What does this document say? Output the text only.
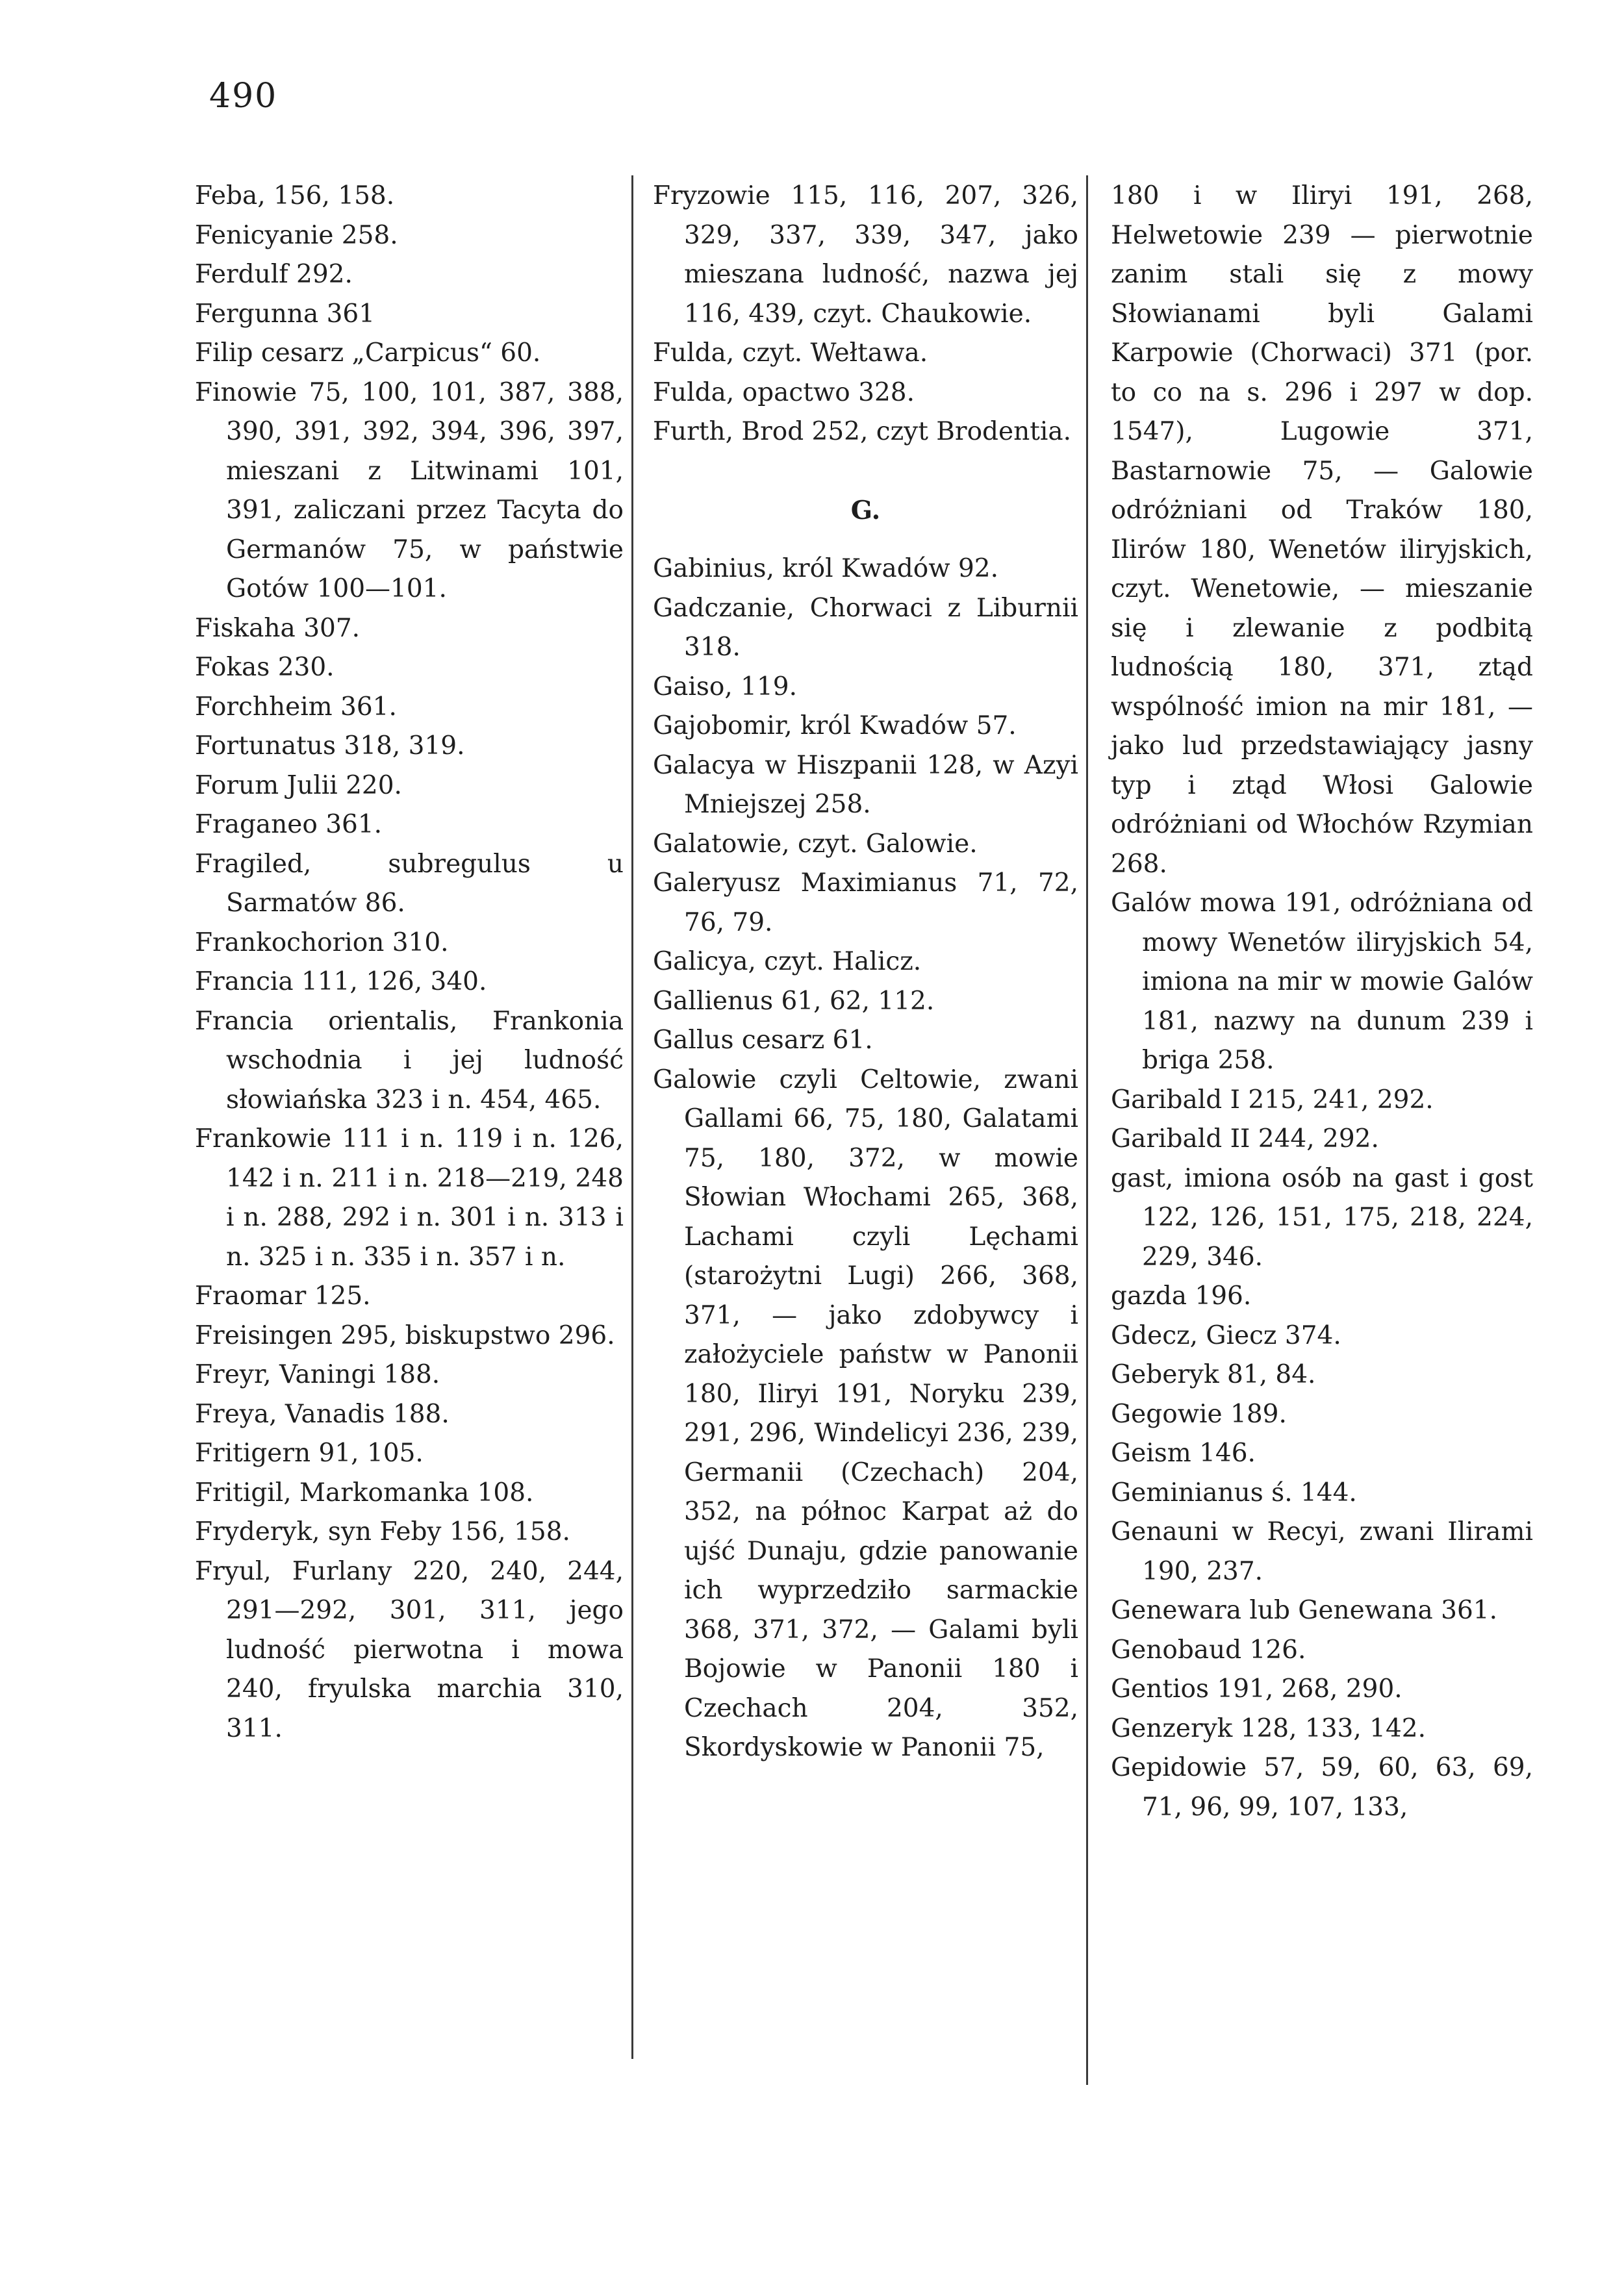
490

Feba, 156, 158.

Fenicyanie 258.

Ferdulf 292.

Fergunna 361

Filip cesarz „Carpicus“ 60.

Finowie 75, 100, 101, 387, 388, 390, 391, 392, 394, 396, 397, mieszani z Litwinami 101, 391, zaliczani przez Tacyta do Germanów 75, w państwie Gotów 100—101.

Fiskaha 307.

Fokas 230.

Forchheim 361.

Fortunatus 318, 319.

Forum Julii 220.

Fraganeo 361.

Fragiled, subregulus u Sarmatów 86.

Frankochorion 310.

Francia 111, 126, 340.

Francia orientalis, Frankonia wschodnia i jej ludność słowiańska 323 i n. 454, 465.

Frankowie 111 i n. 119 i n. 126, 142 i n. 211 i n. 218—219, 248 i n. 288, 292 i n. 301 i n. 313 i n. 325 i n. 335 i n. 357 i n.

Fraomar 125.

Freisingen 295, biskupstwo 296.

Freyr, Vaningi 188.

Freya, Vanadis 188.

Fritigern 91, 105.

Fritigil, Markomanka 108.

Fryderyk, syn Feby 156, 158.

Fryul, Furlany 220, 240, 244, 291—292, 301, 311, jego ludność pierwotna i mowa 240, fryulska marchia 310, 311.

Fryzowie 115, 116, 207, 326, 329, 337, 339, 347, jako mieszana ludność, nazwa jej 116, 439, czyt. Chaukowie.

Fulda, czyt. Wełtawa.

Fulda, opactwo 328.

Furth, Brod 252, czyt Brodentia.

G.

Gabinius, król Kwadów 92.

Gadczanie, Chorwaci z Liburnii 318.

Gaiso, 119.

Gajobomir, król Kwadów 57.

Galacya w Hiszpanii 128, w Azyi Mniejszej 258.

Galatowie, czyt. Galowie.

Galeryusz Maximianus 71, 72, 76, 79.

Galicya, czyt. Halicz.

Gallienus 61, 62, 112.

Gallus cesarz 61.

Galowie czyli Celtowie, zwani Gallami 66, 75, 180, Galatami 75, 180, 372, w mowie Słowian Włochami 265, 368, Lachami czyli Lęchami (starożytni Lugi) 266, 368, 371, — jako zdobywcy i założyciele państw w Panonii 180, Iliryi 191, Noryku 239, 291, 296, Windelicyi 236, 239, Germanii (Czechach) 204, 352, na północ Karpat aż do ujść Dunaju, gdzie panowanie ich wyprzedziło sarmackie 368, 371, 372, — Galami byli Bojowie w Panonii 180 i Czechach 204, 352, Skordyskowie w Panonii 75,

180 i w Iliryi 191, 268, Helwetowie 239 — pierwotnie zanim stali się z mowy Słowianami byli Galami Karpowie (Chorwaci) 371 (por. to co na s. 296 i 297 w dop. 1547), Lugowie 371, Bastarnowie 75, — Galowie odróżniani od Traków 180, Ilirów 180, Wenetów iliryjskich, czyt. Wenetowie, — mieszanie się i zlewanie z podbitą ludnością 180, 371, ztąd wspólność imion na mir 181, — jako lud przedstawiający jasny typ i ztąd Włosi Galowie odróżniani od Włochów Rzymian 268.

Galów mowa 191, odróżniana od mowy Wenetów iliryjskich 54, imiona na mir w mowie Galów 181, nazwy na dunum 239 i briga 258.

Garibald I 215, 241, 292.

Garibald II 244, 292.

gast, imiona osób na gast i gost 122, 126, 151, 175, 218, 224, 229, 346.

gazda 196.

Gdecz, Giecz 374.

Geberyk 81, 84.

Gegowie 189.

Geism 146.

Geminianus ś. 144.

Genauni w Recyi, zwani Ilirami 190, 237.

Genewara lub Genewana 361.

Genobaud 126.

Gentios 191, 268, 290.

Genzeryk 128, 133, 142.

Gepidowie 57, 59, 60, 63, 69, 71, 96, 99, 107, 133,
